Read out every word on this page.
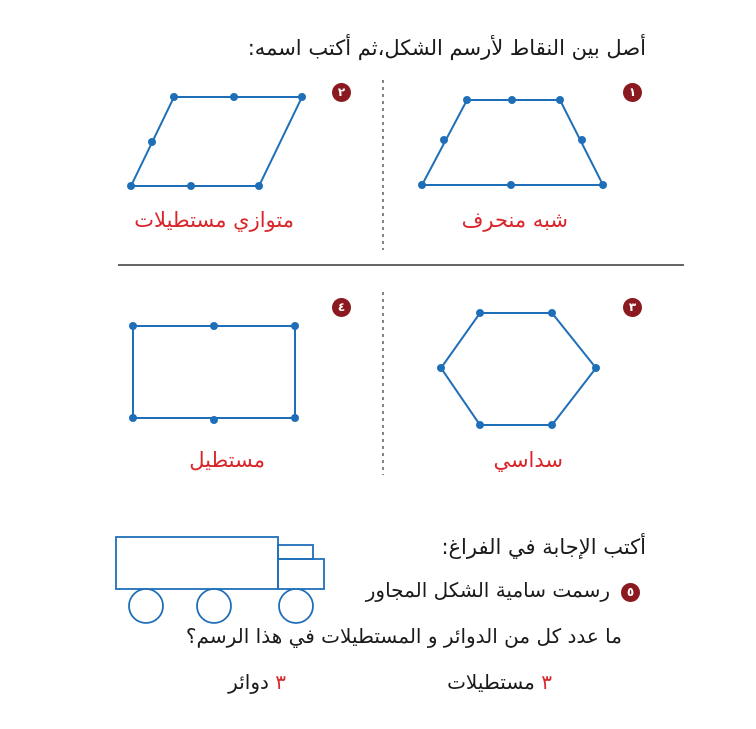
أصل بين النقاط لأرسم الشكل،ثم أكتب اسمه:
١
٢
٣
٤
شبه منحرف
متوازي مستطيلات
سداسي
مستطيل
أكتب الإجابة في الفراغ:
٥
رسمت سامية الشكل المجاور
ما عدد كل من الدوائر و المستطيلات في هذا الرسم؟
٣ مستطيلات
٣ دوائر
